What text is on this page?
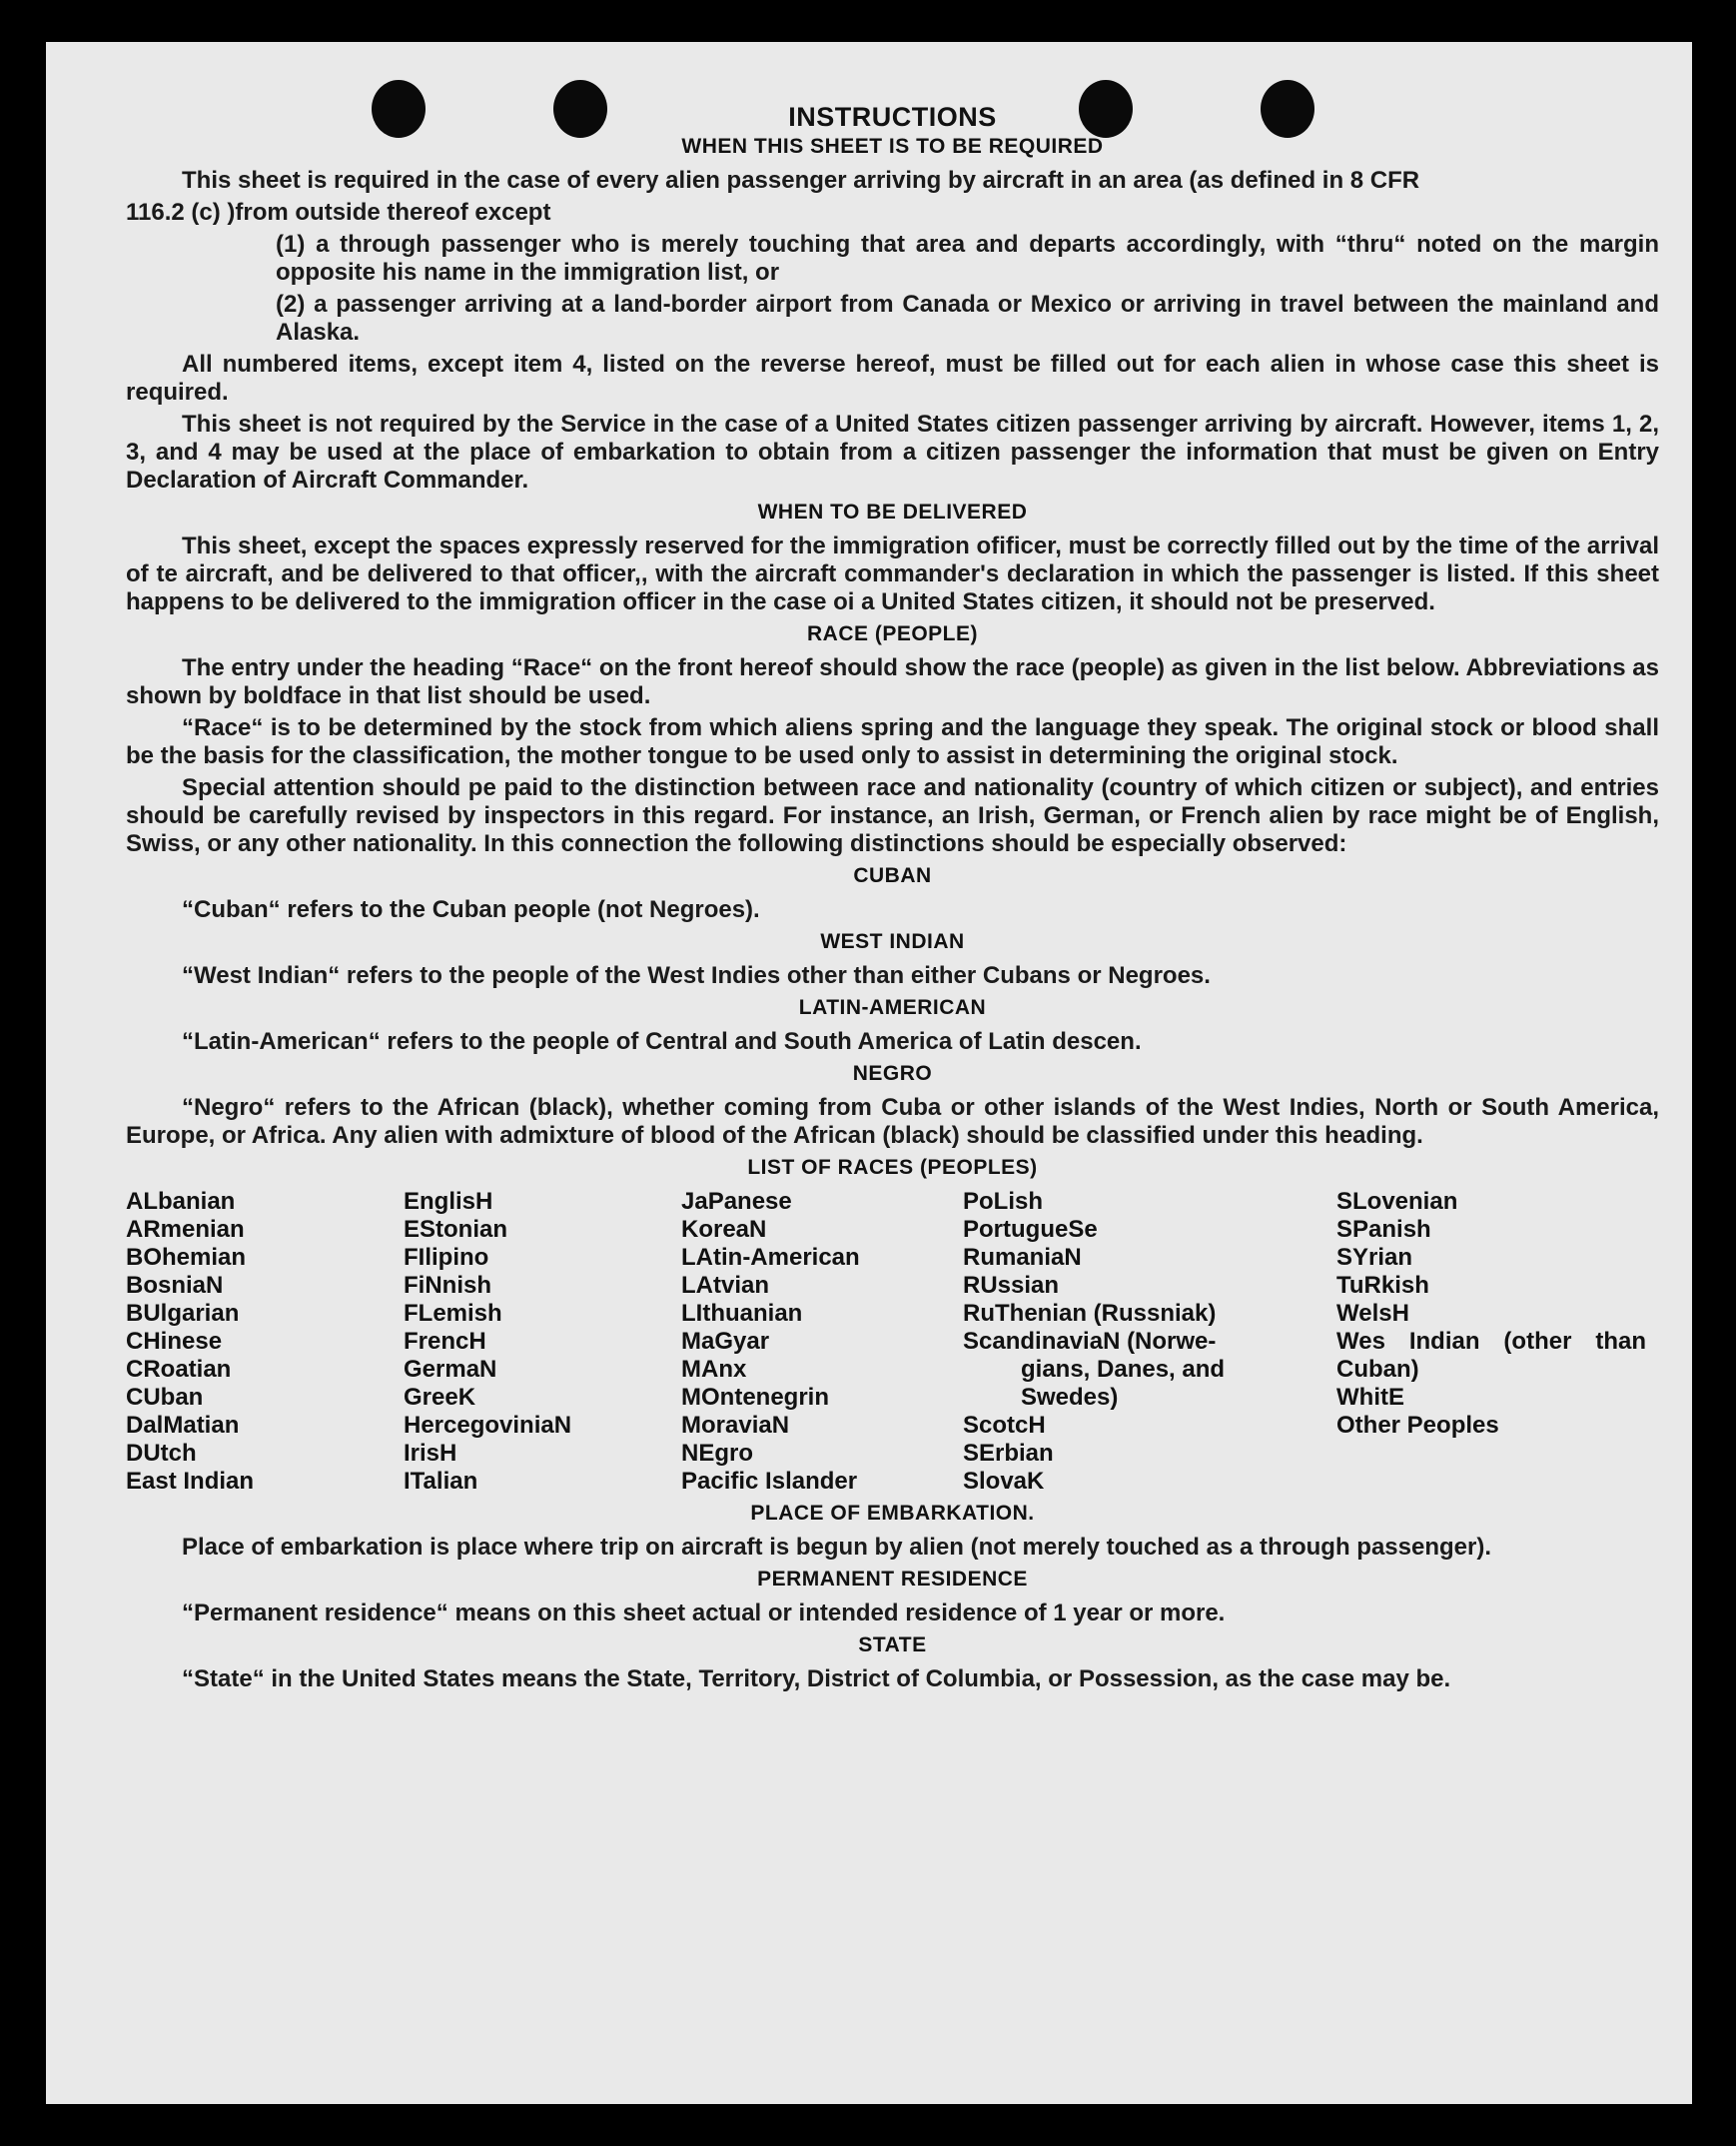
INSTRUCTIONS
WHEN THIS SHEET IS TO BE REQUIRED

This sheet is required in the case of every alien passenger arriving by aircraft in an area (as defined in 8 CFR

116.2 (c) )from outside thereof except

(1) a through passenger who is merely touching that area and departs accordingly, with “thru“ noted on the margin opposite his name in the immigration list, or

(2) a passenger arriving at a land-border airport from Canada or Mexico or arriving in travel between the mainland and Alaska.

All numbered items, except item 4, listed on the reverse hereof, must be filled out for each alien in whose case this sheet is required.

This sheet is not required by the Service in the case of a United States citizen passenger arriving by aircraft. However, items 1, 2, 3, and 4 may be used at the place of embarkation to obtain from a citizen passenger the information that must be given on Entry Declaration of Aircraft Commander.

WHEN TO BE DELIVERED

This sheet, except the spaces expressly reserved for the immigration ofificer, must be correctly filled out by the time of the arrival of te aircraft, and be delivered to that officer,, with the aircraft commander's declaration in which the passenger is listed. If this sheet happens to be delivered to the immigration officer in the case oi a United States citizen, it should not be preserved.

RACE (PEOPLE)

The entry under the heading “Race“ on the front hereof should show the race (people) as given in the list below. Abbreviations as shown by boldface in that list should be used.

“Race“ is to be determined by the stock from which aliens spring and the language they speak. The original stock or blood shall be the basis for the classification, the mother tongue to be used only to assist in determining the original stock.

Special attention should pe paid to the distinction between race and nationality (country of which citizen or subject), and entries should be carefully revised by inspectors in this regard. For instance, an Irish, German, or French alien by race might be of English, Swiss, or any other nationality. In this connection the following distinctions should be especially observed:

CUBAN

“Cuban“ refers to the Cuban people (not Negroes).

WEST INDIAN

“West Indian“ refers to the people of the West Indies other than either Cubans or Negroes.

LATIN-AMERICAN

“Latin-American“ refers to the people of Central and South America of Latin descen.

NEGRO

“Negro“ refers to the African (black), whether coming from Cuba or other islands of the West Indies, North or South America, Europe, or Africa. Any alien with admixture of blood of the African (black) should be classified under this heading.

LIST OF RACES (PEOPLES)
ALbanian
ARmenian
BOhemian
BosniaN
BUlgarian
CHinese
CRoatian
CUban
DalMatian
DUtch
East Indian
EnglisH
EStonian
FIlipino
FiNnish
FLemish
FrencH
GermaN
GreeK
HercegoviniaN
IrisH
ITalian
JaPanese
KoreaN
LAtin-American
LAtvian
LIthuanian
MaGyar
MAnx
MOntenegrin
MoraviaN
NEgro
Pacific Islander
PoLish
PortugueSe
RumaniaN
RUssian
RuThenian (Russniak)
ScandinaviaN (Norwe-
gians, Danes, and
Swedes)
ScotcH
SErbian
SlovaK
SLovenian
SPanish
SYrian
TuRkish
WelsH
Wes Indian (other than Cuban)
WhitE
Other Peoples
PLACE OF EMBARKATION.

Place of embarkation is place where trip on aircraft is begun by alien (not merely touched as a through passenger).

PERMANENT RESIDENCE

“Permanent residence“ means on this sheet actual or intended residence of 1 year or more.

STATE

“State“ in the United States means the State, Territory, District of Columbia, or Possession, as the case may be.
